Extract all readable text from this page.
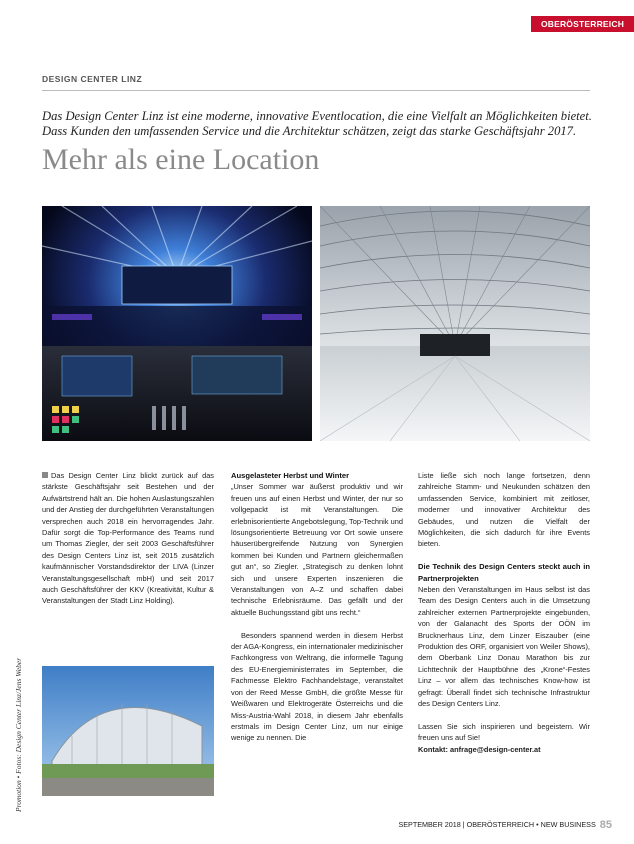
OBERÖSTERREICH
DESIGN CENTER LINZ
Das Design Center Linz ist eine moderne, innovative Eventlocation, die eine Vielfalt an Möglichkeiten bietet. Dass Kunden den umfassenden Service und die Architektur schätzen, zeigt das starke Geschäftsjahr 2017.
Mehr als eine Location

Das Design Center Linz blickt zurück auf das stärkste Geschäftsjahr seit Bestehen und der Aufwärtstrend hält an. Die hohen Auslastungszahlen und der Anstieg der durchgeführten Veranstaltungen versprechen auch 2018 ein hervorragendes Jahr. Dafür sorgt die Top-Performance des Teams rund um Thomas Ziegler, der seit 2003 Geschäftsführer des Design Centers Linz ist, seit 2015 zusätzlich kaufmännischer Vorstandsdirektor der LIVA (Linzer Veranstaltungsgesellschaft mbH) und seit 2017 auch Geschäftsführer der KKV (Kreativität, Kultur & Veranstaltungen der Stadt Linz Holding).

Ausgelasteter Herbst und Winter

„Unser Sommer war äußerst produktiv und wir freuen uns auf einen Herbst und Winter, der nur so vollgepackt ist mit Veranstaltungen. Die erlebnisorientierte Angebotslegung, Top-Technik und lösungsorientierte Betreuung vor Ort sowie unsere häuserübergreifende Nutzung von Synergien kommen bei Kunden und Partnern gleichermaßen gut an“, so Ziegler. „Strategisch zu denken lohnt sich und unsere Experten inszenieren die Veranstaltungen von A–Z und schaffen dabei technische Erlebnisräume. Das gefällt und der aktuelle Buchungsstand gibt uns recht.“

Besonders spannend werden in diesem Herbst der AGA-Kongress, ein internationaler medizinischer Fachkongress von Weltrang, die informelle Tagung des EU-Energieministerrates im September, die Fachmesse Elektro Fachhandelstage, veranstaltet von der Reed Messe GmbH, die größte Messe für Weißwaren und Elektrogeräte Österreichs und die Miss-Austria-Wahl 2018, in diesem Jahr ebenfalls erstmals im Design Center Linz, um nur einige wenige zu nennen. Die

Liste ließe sich noch lange fortsetzen, denn zahlreiche Stamm- und Neukunden schätzen den umfassenden Service, kombiniert mit zeitloser, moderner und innovativer Architektur des Gebäudes, und nutzen die Vielfalt der Möglichkeiten, die sich dadurch für ihre Events bieten.

Die Technik des Design Centers steckt auch in Partnerprojekten

Neben den Veranstaltungen im Haus selbst ist das Team des Design Centers auch in die Umsetzung zahlreicher externen Partnerprojekte eingebunden, von der Galanacht des Sports der OÖN im Brucknerhaus Linz, dem Linzer Eiszauber (eine Produktion des ORF, organisiert von Weiler Shows), dem Oberbank Linz Donau Marathon bis zur Lichttechnik der Hauptbühne des „Krone“-Festes Linz – vor allem das technisches Know-how ist gefragt: Überall findet sich technische Infrastruktur des Design Centers Linz.

Lassen Sie sich inspirieren und begeistern. Wir freuen uns auf Sie!
Kontakt: anfrage@design-center.at

Promotion • Fotos: Design Center Linz/Jens Weber
SEPTEMBER 2018 | OBERÖSTERREICH • NEW BUSINESS 85
